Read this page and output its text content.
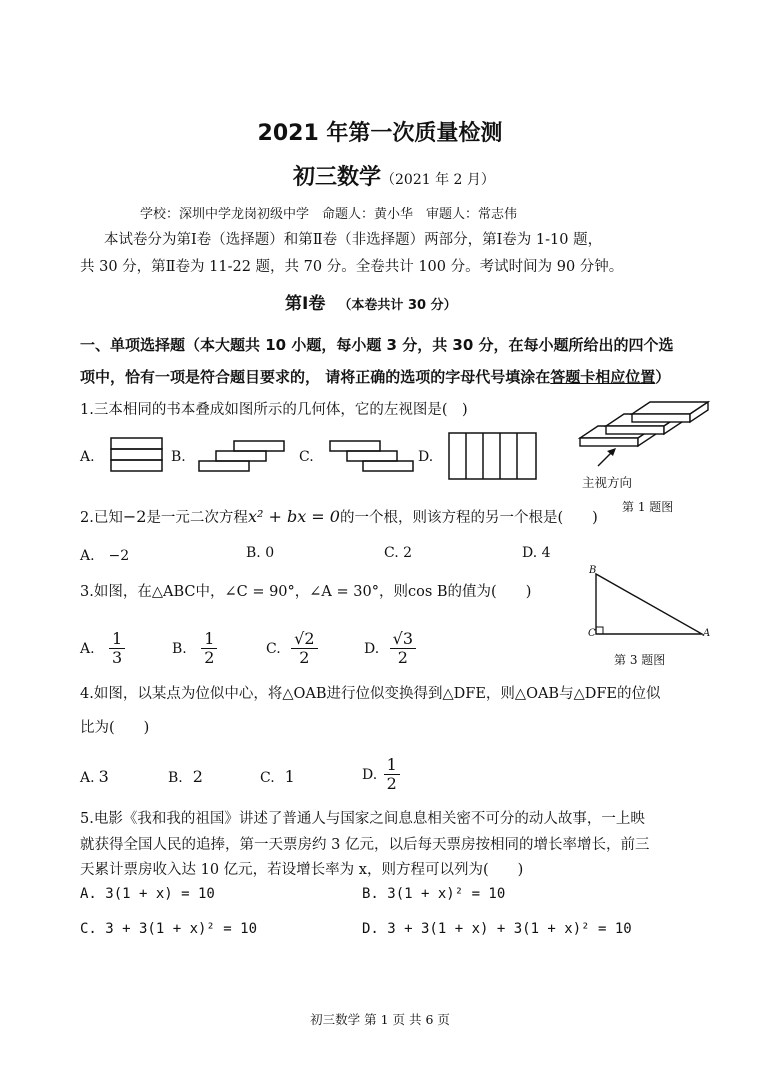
2021 年第一次质量检测
初三数学（2021 年 2 月）
学校：深圳中学龙岗初级中学　命题人：黄小华　审题人：常志伟
本试卷分为第Ⅰ卷（选择题）和第Ⅱ卷（非选择题）两部分，第Ⅰ卷为 1-10 题，
共 30 分，第Ⅱ卷为 11-22 题，共 70 分。全卷共计 100 分。考试时间为 90 分钟。
第Ⅰ卷 （本卷共计 30 分）
一、单项选择题（本大题共 10 小题，每小题 3 分，共 30 分，在每小题所给出的四个选
项中，恰有一项是符合题目要求的， 请将正确的选项的字母代号填涂在答题卡相应位置）
1.三本相同的书本叠成如图所示的几何体，它的左视图是(　)
A.	B.	C.	D.
主视方向
第 1 题图
2.已知−2是一元二次方程x² + bx = 0的一个根，则该方程的另一个根是(　　)
A.　−2	B. 0	C. 2	D. 4
3.如图，在△ABC中，∠C = 90°，∠A = 30°，则cos B的值为(　　)
A. $\frac{1}{3}$	B. $\frac{1}{2}$	C. $\frac{√2}{2}$	D. $\frac{√3}{2}$
B
C	A
第 3 题图
4.如图，以某点为位似中心，将△OAB进行位似变换得到△DFE，则△OAB与△DFE的位似
比为(　　)
A. 3	B. 2	C. 1	D. $\frac{1}{2}$
5.电影《我和我的祖国》讲述了普通人与国家之间息息相关密不可分的动人故事，一上映
就获得全国人民的追捧，第一天票房约 3 亿元，以后每天票房按相同的增长率增长，前三
天累计票房收入达 10 亿元，若设增长率为 x，则方程可以列为(　　)
A. 3(1 + x) = 10	B. 3(1 + x)² = 10
C. 3 + 3(1 + x)² = 10	D. 3 + 3(1 + x) + 3(1 + x)² = 10
初三数学 第 1 页 共 6 页
